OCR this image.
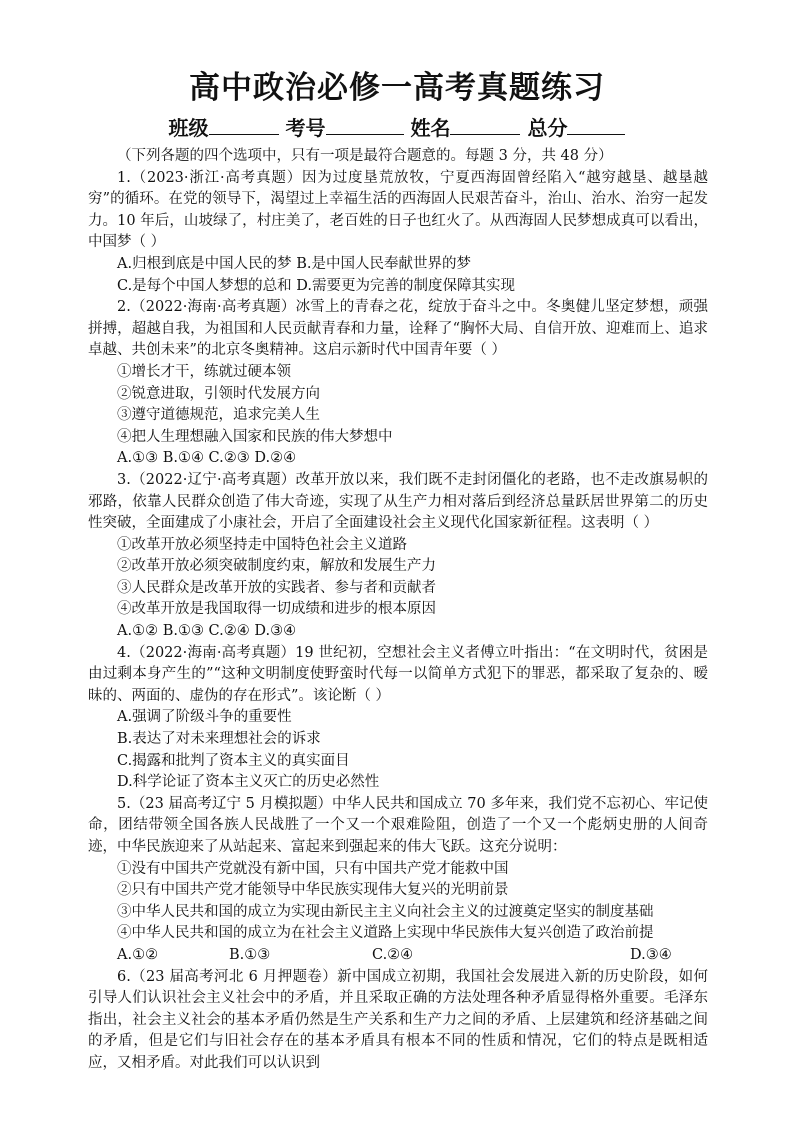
高中政治必修一高考真题练习
班级	考号	姓名	总分

（下列各题的四个选项中，只有一项是最符合题意的。每题 3 分，共 48 分）

1.（2023·浙江·高考真题）因为过度垦荒放牧，宁夏西海固曾经陷入“越穷越垦、越垦越穷”的循环。在党的领导下，渴望过上幸福生活的西海固人民艰苦奋斗，治山、治水、治穷一起发力。10 年后，山坡绿了，村庄美了，老百姓的日子也红火了。从西海固人民梦想成真可以看出，中国梦（ ）

A.归根到底是中国人民的梦 B.是中国人民奉献世界的梦

C.是每个中国人梦想的总和 D.需要更为完善的制度保障其实现

2.（2022·海南·高考真题）冰雪上的青春之花，绽放于奋斗之中。冬奥健儿坚定梦想，顽强拼搏，超越自我，为祖国和人民贡献青春和力量，诠释了“胸怀大局、自信开放、迎难而上、追求卓越、共创未来”的北京冬奥精神。这启示新时代中国青年要（ ）

①增长才干，练就过硬本领

②锐意进取，引领时代发展方向

③遵守道德规范，追求完美人生

④把人生理想融入国家和民族的伟大梦想中

A.①③ B.①④ C.②③ D.②④

3.（2022·辽宁·高考真题）改革开放以来，我们既不走封闭僵化的老路，也不走改旗易帜的邪路，依靠人民群众创造了伟大奇迹，实现了从生产力相对落后到经济总量跃居世界第二的历史性突破，全面建成了小康社会，开启了全面建设社会主义现代化国家新征程。这表明（ ）

①改革开放必须坚持走中国特色社会主义道路

②改革开放必须突破制度约束，解放和发展生产力

③人民群众是改革开放的实践者、参与者和贡献者

④改革开放是我国取得一切成绩和进步的根本原因

A.①② B.①③ C.②④ D.③④

4.（2022·海南·高考真题）19 世纪初，空想社会主义者傅立叶指出：“在文明时代，贫困是由过剩本身产生的”“这种文明制度使野蛮时代每一以简单方式犯下的罪恶，都采取了复杂的、暧昧的、两面的、虚伪的存在形式”。该论断（ ）

A.强调了阶级斗争的重要性

B.表达了对未来理想社会的诉求

C.揭露和批判了资本主义的真实面目

D.科学论证了资本主义灭亡的历史必然性

5.（23 届高考辽宁 5 月模拟题）中华人民共和国成立 70 多年来，我们党不忘初心、牢记使命，团结带领全国各族人民战胜了一个又一个艰难险阻，创造了一个又一个彪炳史册的人间奇迹，中华民族迎来了从站起来、富起来到强起来的伟大飞跃。这充分说明：

①没有中国共产党就没有新中国，只有中国共产党才能救中国

②只有中国共产党才能领导中华民族实现伟大复兴的光明前景

③中华人民共和国的成立为实现由新民主主义向社会主义的过渡奠定坚实的制度基础

④中华人民共和国的成立为在社会主义道路上实现中华民族伟大复兴创造了政治前提

A.①②	B.①③	C.②④	D.③④

6.（23 届高考河北 6 月押题卷）新中国成立初期，我国社会发展进入新的历史阶段，如何引导人们认识社会主义社会中的矛盾，并且采取正确的方法处理各种矛盾显得格外重要。毛泽东指出，社会主义社会的基本矛盾仍然是生产关系和生产力之间的矛盾、上层建筑和经济基础之间的矛盾，但是它们与旧社会存在的基本矛盾具有根本不同的性质和情况，它们的特点是既相适应，又相矛盾。对此我们可以认识到
